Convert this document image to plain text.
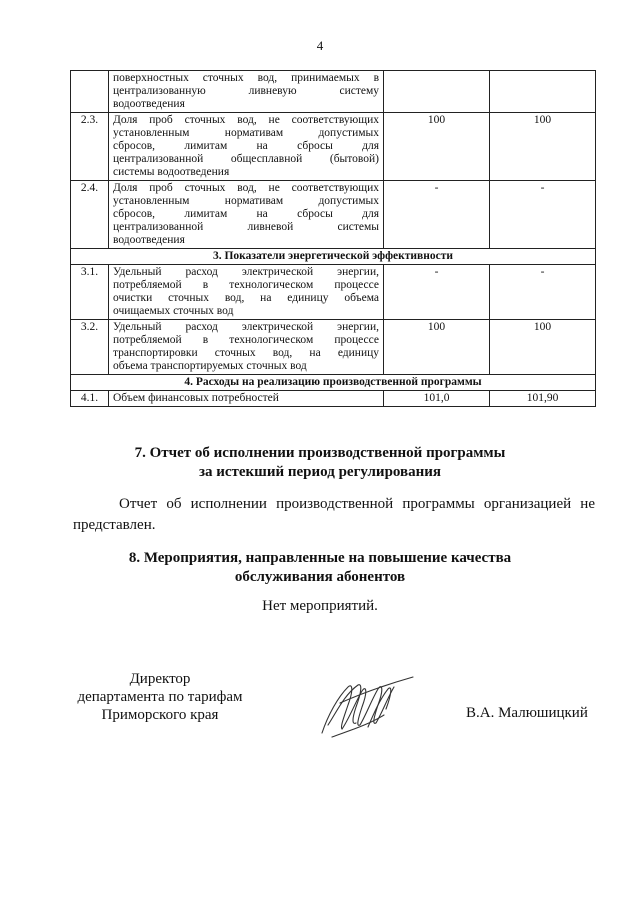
4

	поверхностных сточных вод, принимаемых в
централизованную ливневую систему
водоотведения		

2.3.	Доля проб сточных вод, не соответствующих
установленным нормативам допустимых
сбросов, лимитам на сбросы для
централизованной общесплавной (бытовой)
системы водоотведения	100	100
2.4.	Доля проб сточных вод, не соответствующих
установленным нормативам допустимых
сбросов, лимитам на сбросы для
централизованной ливневой системы
водоотведения	-	-
3. Показатели энергетической эффективности			
3.1.	Удельный расход электрической энергии,
потребляемой в технологическом процессе
очистки сточных вод, на единицу объема
очищаемых сточных вод	-	-
3.2.	Удельный расход электрической энергии,
потребляемой в технологическом процессе
транспортировки сточных вод, на единицу
объема транспортируемых сточных вод	100	100
4. Расходы на реализацию производственной программы			
4.1.	Объем финансовых потребностей	101,0	101,90
7. Отчет об исполнении производственной программы
за истекший период регулирования
Отчет об исполнении производственной программы организацией не представлен.
8. Мероприятия, направленные на повышение качества
обслуживания абонентов
Нет мероприятий.
Директор
департамента по тарифам
Приморского края	В.А. Малюшицкий
